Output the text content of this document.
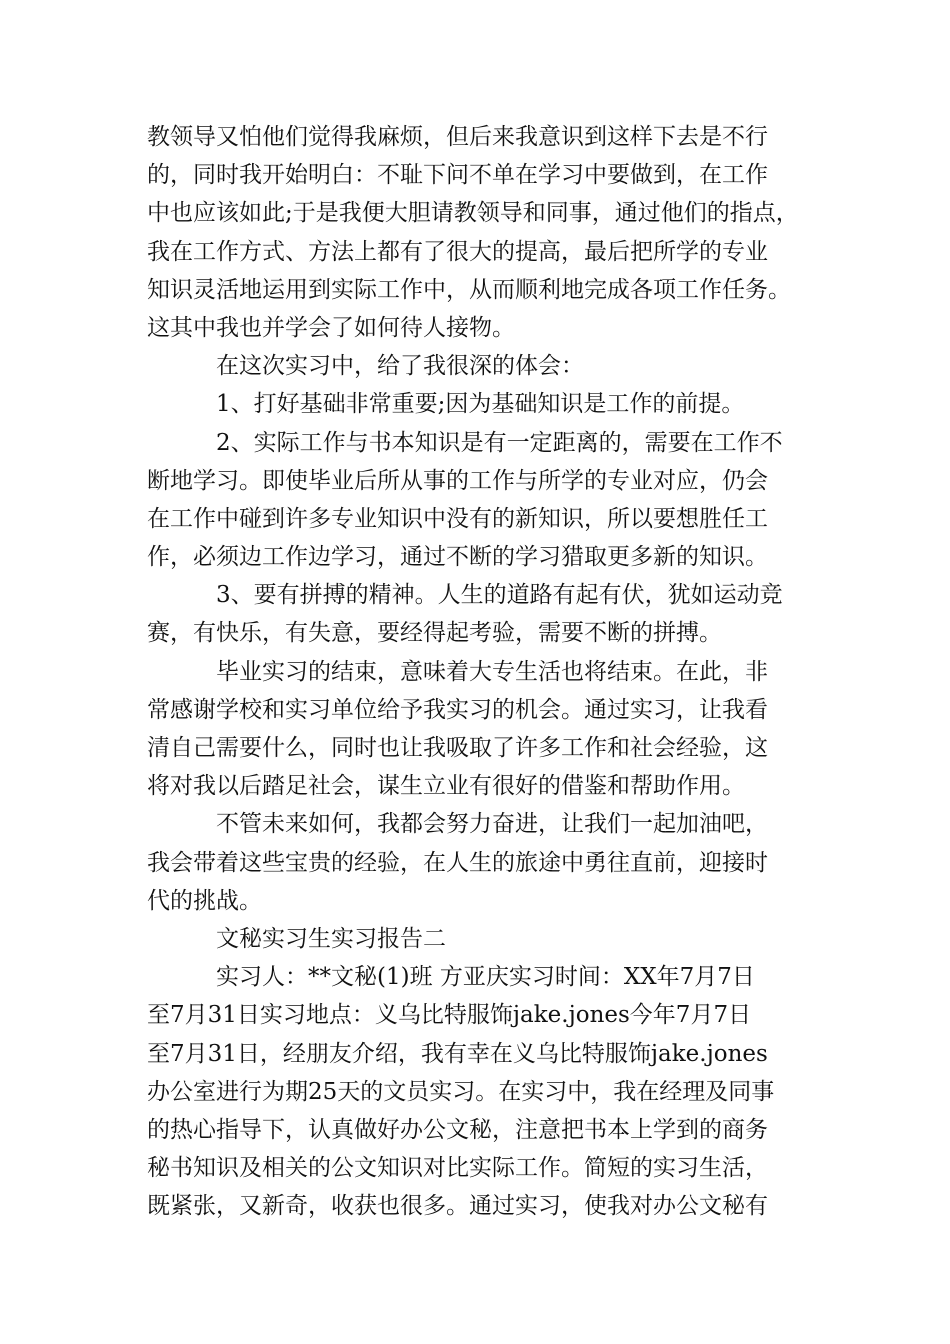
教领导又怕他们觉得我麻烦，但后来我意识到这样下去是不行
的，同时我开始明白：不耻下问不单在学习中要做到，在工作
中也应该如此;于是我便大胆请教领导和同事，通过他们的指点，
我在工作方式、方法上都有了很大的提高，最后把所学的专业
知识灵活地运用到实际工作中，从而顺利地完成各项工作任务。
这其中我也并学会了如何待人接物。
在这次实习中，给了我很深的体会：
1、打好基础非常重要;因为基础知识是工作的前提。
2、实际工作与书本知识是有一定距离的，需要在工作不
断地学习。即使毕业后所从事的工作与所学的专业对应，仍会
在工作中碰到许多专业知识中没有的新知识，所以要想胜任工
作，必须边工作边学习，通过不断的学习猎取更多新的知识。
3、要有拼搏的精神。人生的道路有起有伏，犹如运动竞
赛，有快乐，有失意，要经得起考验，需要不断的拼搏。
毕业实习的结束，意味着大专生活也将结束。在此，非
常感谢学校和实习单位给予我实习的机会。通过实习，让我看
清自己需要什么，同时也让我吸取了许多工作和社会经验，这
将对我以后踏足社会，谋生立业有很好的借鉴和帮助作用。
不管未来如何，我都会努力奋进，让我们一起加油吧，
我会带着这些宝贵的经验，在人生的旅途中勇往直前，迎接时
代的挑战。
文秘实习生实习报告二
实习人：**文秘(1)班 方亚庆实习时间：XX年7月7日
至7月31日实习地点：义乌比特服饰jake.jones今年7月7日
至7月31日，经朋友介绍，我有幸在义乌比特服饰jake.jones
办公室进行为期25天的文员实习。在实习中，我在经理及同事
的热心指导下，认真做好办公文秘，注意把书本上学到的商务
秘书知识及相关的公文知识对比实际工作。简短的实习生活，
既紧张，又新奇，收获也很多。通过实习，使我对办公文秘有
